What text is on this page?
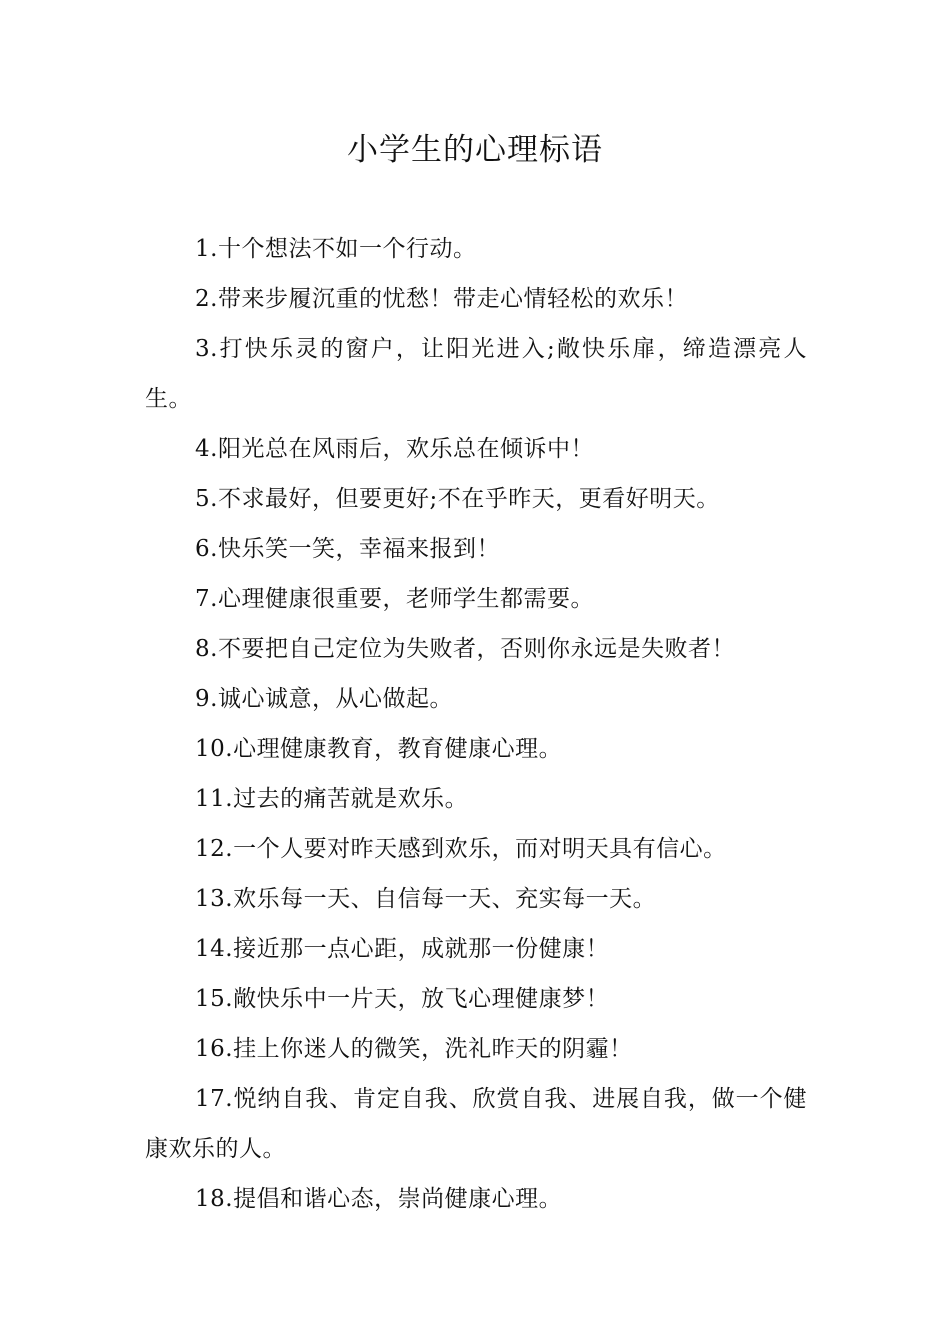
小学生的心理标语
1.十个想法不如一个行动。
2.带来步履沉重的忧愁！带走心情轻松的欢乐！
3.打快乐灵的窗户，让阳光进入;敞快乐扉，缔造漂亮人生。
4.阳光总在风雨后，欢乐总在倾诉中！
5.不求最好，但要更好;不在乎昨天，更看好明天。
6.快乐笑一笑，幸福来报到！
7.心理健康很重要，老师学生都需要。
8.不要把自己定位为失败者，否则你永远是失败者！
9.诚心诚意，从心做起。
10.心理健康教育，教育健康心理。
11.过去的痛苦就是欢乐。
12.一个人要对昨天感到欢乐，而对明天具有信心。
13.欢乐每一天、自信每一天、充实每一天。
14.接近那一点心距，成就那一份健康！
15.敞快乐中一片天，放飞心理健康梦！
16.挂上你迷人的微笑，洗礼昨天的阴霾！
17.悦纳自我、肯定自我、欣赏自我、进展自我，做一个健康欢乐的人。
18.提倡和谐心态，崇尚健康心理。
